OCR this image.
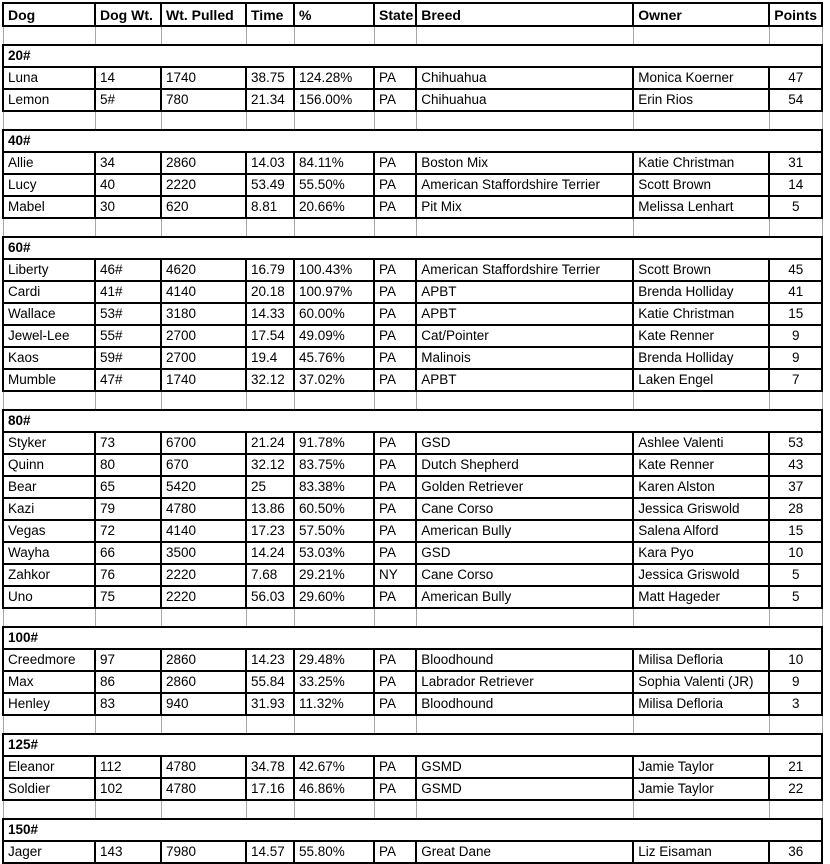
Dog	Dog Wt.	Wt. Pulled	Time	%	State	Breed	Owner	Points

20#								
Luna	14	1740	38.75	124.28%	PA	Chihuahua	Monica Koerner	47
Lemon	5#	780	21.34	156.00%	PA	Chihuahua	Erin Rios	54

40#								
Allie	34	2860	14.03	84.11%	PA	Boston Mix	Katie Christman	31
Lucy	40	2220	53.49	55.50%	PA	American Staffordshire Terrier	Scott Brown	14
Mabel	30	620	8.81	20.66%	PA	Pit Mix	Melissa Lenhart	5

60#								
Liberty	46#	4620	16.79	100.43%	PA	American Staffordshire Terrier	Scott Brown	45
Cardi	41#	4140	20.18	100.97%	PA	APBT	Brenda Holliday	41
Wallace	53#	3180	14.33	60.00%	PA	APBT	Katie Christman	15
Jewel-Lee	55#	2700	17.54	49.09%	PA	Cat/Pointer	Kate Renner	9
Kaos	59#	2700	19.4	45.76%	PA	Malinois	Brenda Holliday	9
Mumble	47#	1740	32.12	37.02%	PA	APBT	Laken Engel	7

80#								
Styker	73	6700	21.24	91.78%	PA	GSD	Ashlee Valenti	53
Quinn	80	670	32.12	83.75%	PA	Dutch Shepherd	Kate Renner	43
Bear	65	5420	25	83.38%	PA	Golden Retriever	Karen Alston	37
Kazi	79	4780	13.86	60.50%	PA	Cane Corso	Jessica Griswold	28
Vegas	72	4140	17.23	57.50%	PA	American Bully	Salena Alford	15
Wayha	66	3500	14.24	53.03%	PA	GSD	Kara Pyo	10
Zahkor	76	2220	7.68	29.21%	NY	Cane Corso	Jessica Griswold	5
Uno	75	2220	56.03	29.60%	PA	American Bully	Matt Hageder	5

100#								
Creedmore	97	2860	14.23	29.48%	PA	Bloodhound	Milisa Defloria	10
Max	86	2860	55.84	33.25%	PA	Labrador Retriever	Sophia Valenti (JR)	9
Henley	83	940	31.93	11.32%	PA	Bloodhound	Milisa Defloria	3

125#								
Eleanor	112	4780	34.78	42.67%	PA	GSMD	Jamie Taylor	21
Soldier	102	4780	17.16	46.86%	PA	GSMD	Jamie Taylor	22

150#								
Jager	143	7980	14.57	55.80%	PA	Great Dane	Liz Eisaman	36
